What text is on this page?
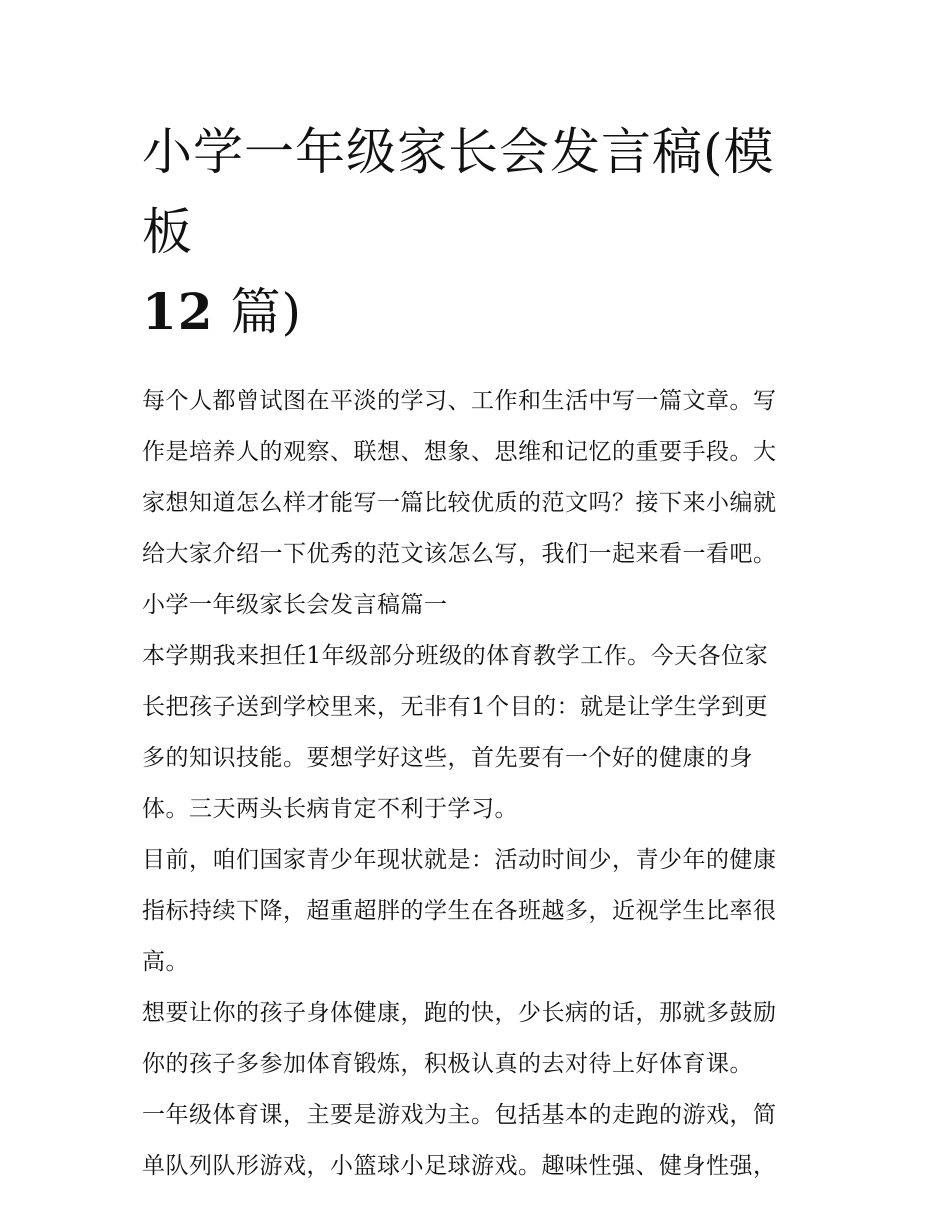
小学一年级家长会发言稿(模板
12 篇)
每个人都曾试图在平淡的学习、工作和生活中写一篇文章。写
作是培养人的观察、联想、想象、思维和记忆的重要手段。大
家想知道怎么样才能写一篇比较优质的范文吗？接下来小编就
给大家介绍一下优秀的范文该怎么写，我们一起来看一看吧。
小学一年级家长会发言稿篇一
本学期我来担任1年级部分班级的体育教学工作。今天各位家
长把孩子送到学校里来，无非有1个目的：就是让学生学到更
多的知识技能。要想学好这些，首先要有一个好的健康的身
体。三天两头长病肯定不利于学习。
目前，咱们国家青少年现状就是：活动时间少，青少年的健康
指标持续下降，超重超胖的学生在各班越多，近视学生比率很
高。
想要让你的孩子身体健康，跑的快，少长病的话，那就多鼓励
你的孩子多参加体育锻炼，积极认真的去对待上好体育课。
一年级体育课，主要是游戏为主。包括基本的走跑的游戏，简
单队列队形游戏，小篮球小足球游戏。趣味性强、健身性强，
